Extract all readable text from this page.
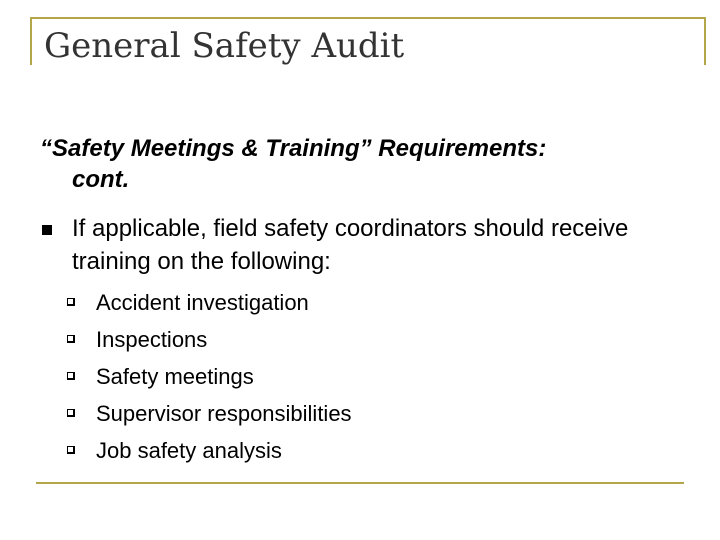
General Safety Audit
“Safety Meetings & Training” Requirements:
cont.
If applicable, field safety coordinators should receive training on the following:
Accident investigation
Inspections
Safety meetings
Supervisor responsibilities
Job safety analysis
